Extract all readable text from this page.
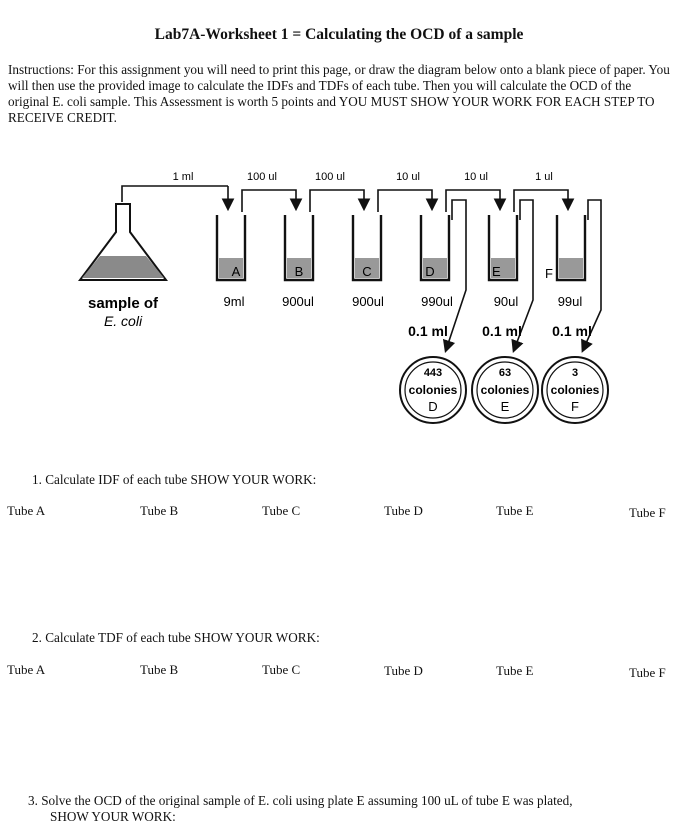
Lab7A-Worksheet 1 = Calculating the OCD of a sample
Instructions: For this assignment you will need to print this page, or draw the diagram below onto a blank piece of paper. You will then use the provided image to calculate the IDFs and TDFs of each tube. Then you will calculate the OCD of the original E. coli sample. This Assessment is worth 5 points and YOU MUST SHOW YOUR WORK FOR EACH STEP TO RECEIVE CREDIT.
sample of
E. coli
1 ml	100 ul	100 ul	10 ul	10 ul	1 ul
A	B	C	D	E	F
9ml	900ul	900ul	990ul	90ul	99ul
0.1 ml 0.1 ml 0.1 ml
443
colonies
D
63
colonies
E
3
colonies
F
1. Calculate IDF of each tube SHOW YOUR WORK:
Tube A	Tube B	Tube C	Tube D	Tube E	Tube F
2. Calculate TDF of each tube SHOW YOUR WORK:
Tube A	Tube B	Tube C	Tube D	Tube E	Tube F
3. Solve the OCD of the original sample of E. coli using plate E assuming 100 uL of tube E was plated,
SHOW YOUR WORK:
